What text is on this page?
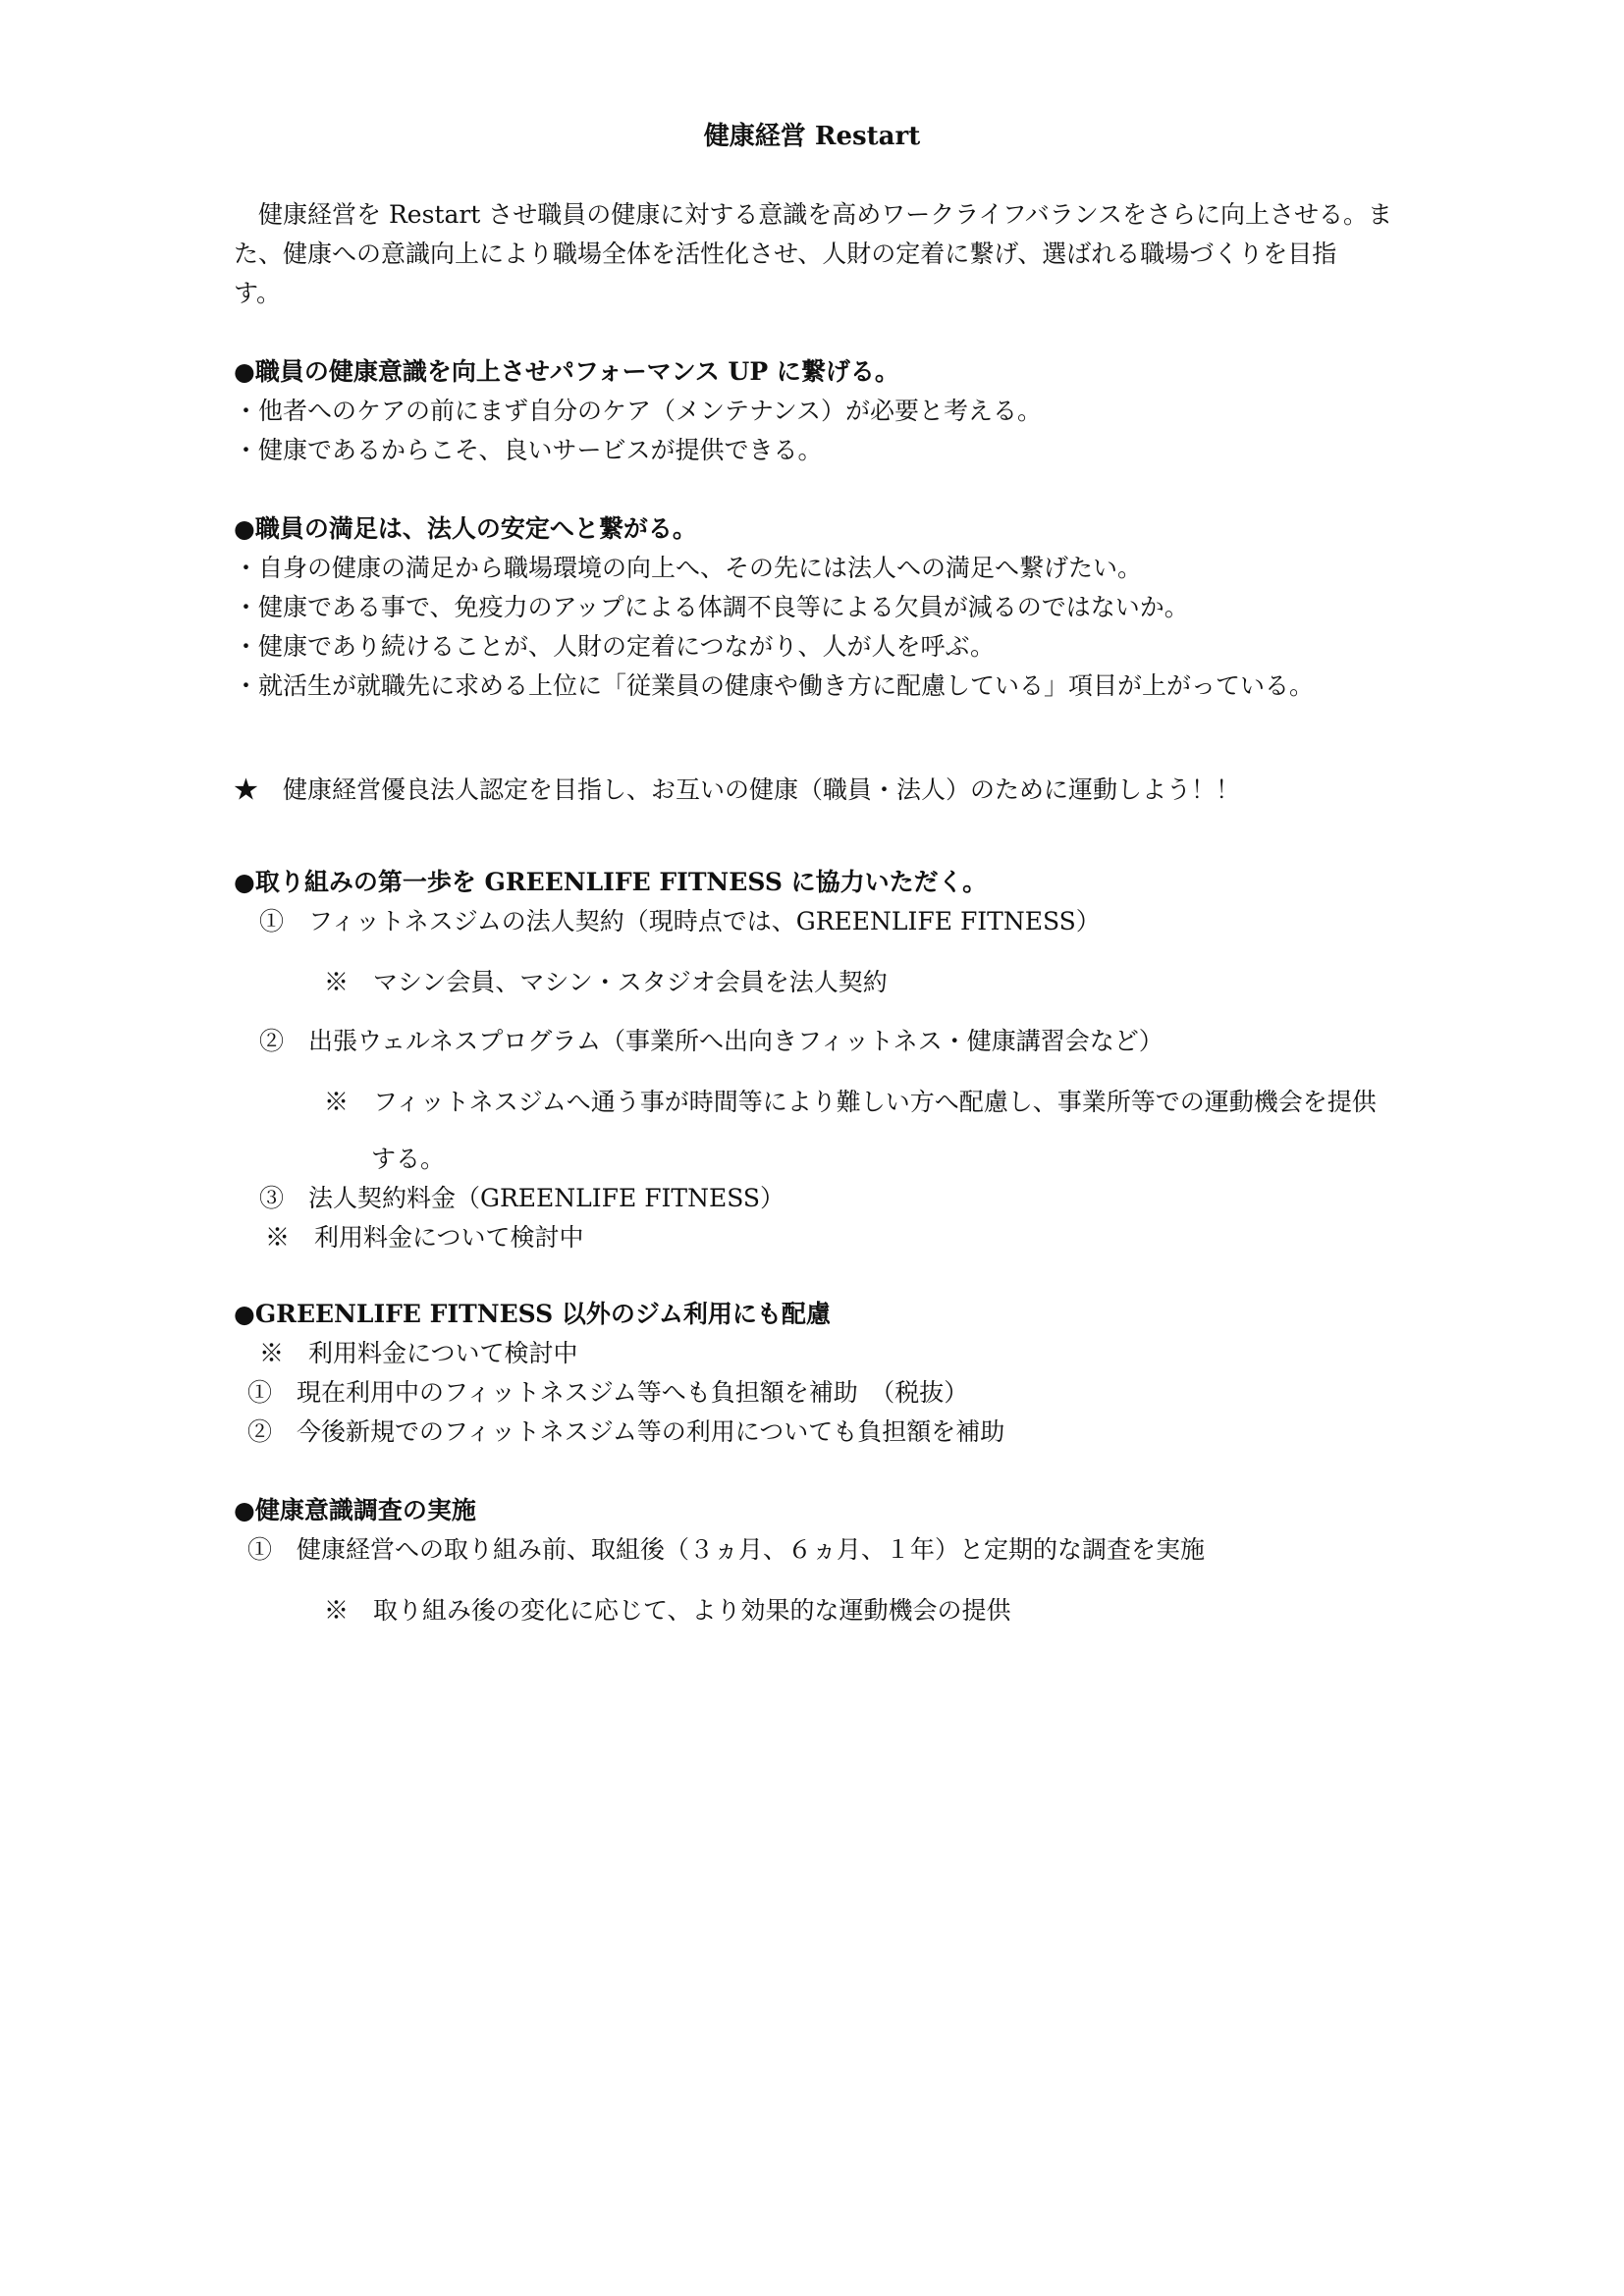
健康経営 Restart
　健康経営を Restart させ職員の健康に対する意識を高めワークライフバランスをさらに向上させる。ま
た、健康への意識向上により職場全体を活性化させ、人財の定着に繋げ、選ばれる職場づくりを目指
す。
●職員の健康意識を向上させパフォーマンス UP に繋げる。
・他者へのケアの前にまず自分のケア（メンテナンス）が必要と考える。
・健康であるからこそ、良いサービスが提供できる。
●職員の満足は、法人の安定へと繋がる。
・自身の健康の満足から職場環境の向上へ、その先には法人への満足へ繋げたい。
・健康である事で、免疫力のアップによる体調不良等による欠員が減るのではないか。
・健康であり続けることが、人財の定着につながり、人が人を呼ぶ。
・就活生が就職先に求める上位に「従業員の健康や働き方に配慮している」項目が上がっている。
★　健康経営優良法人認定を目指し、お互いの健康（職員・法人）のために運動しよう！！
●取り組みの第一歩を GREENLIFE FITNESS に協力いただく。
①　フィットネスジムの法人契約（現時点では、GREENLIFE FITNESS）
※　マシン会員、マシン・スタジオ会員を法人契約
②　出張ウェルネスプログラム（事業所へ出向きフィットネス・健康講習会など）
※　フィットネスジムへ通う事が時間等により難しい方へ配慮し、事業所等での運動機会を提供
する。
③　法人契約料金（GREENLIFE FITNESS）
※　利用料金について検討中
●GREENLIFE FITNESS 以外のジム利用にも配慮
※　利用料金について検討中
①　現在利用中のフィットネスジム等へも負担額を補助　（税抜）
②　今後新規でのフィットネスジム等の利用についても負担額を補助
●健康意識調査の実施
①　健康経営への取り組み前、取組後（３ヵ月、６ヵ月、１年）と定期的な調査を実施
※　取り組み後の変化に応じて、より効果的な運動機会の提供
